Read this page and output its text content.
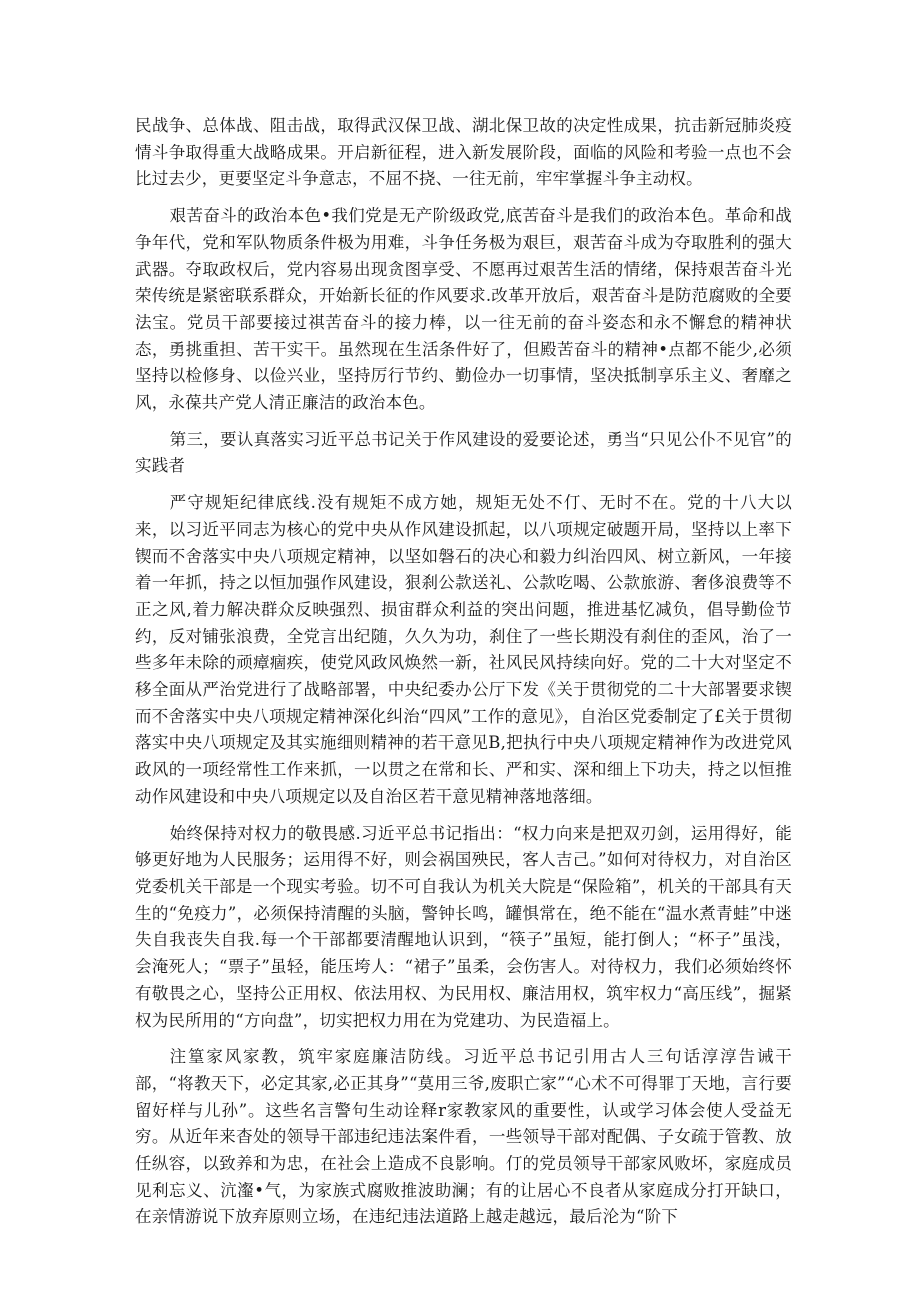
民战争、总体战、阻击战，取得武汉保卫战、湖北保卫故的决定性成果，抗击新冠肺炎疫情斗争取得重大战略成果。开启新征程，进入新发展阶段，面临的风险和考验一点也不会比过去少，更要坚定斗争意志，不屈不挠、一往无前，牢牢掌握斗争主动权。

艰苦奋斗的政治本色•我们党是无产阶级政党,底苦奋斗是我们的政治本色。革命和战争年代，党和军队物质条件极为用难，斗争任务极为艰巨，艰苦奋斗成为夺取胜利的强大武器。夺取政权后，党内容易出现贪图享受、不愿再过艰苦生活的情绪，保持艰苦奋斗光荣传统是紧密联系群众，开始新长征的作风要求.改革开放后，艰苦奋斗是防范腐败的全要法宝。党员干部要接过祺苦奋斗的接力棒，以一往无前的奋斗姿态和永不懈怠的精神状态，勇挑重担、苦干实干。虽然现在生活条件好了，但殿苦奋斗的精神•点都不能少,必须坚持以检修身、以俭兴业，坚持厉行节约、勤俭办一切事情，坚决抵制享乐主义、奢靡之风，永葆共产党人清正廉洁的政治本色。

第三，要认真落实习近平总书记关于作风建设的爱要论述，勇当“只见公仆不见官”的实践者

严守规矩纪律底线.没有规矩不成方她，规矩无处不仃、无时不在。党的十八大以来，以习近平同志为核心的党中央从作风建设抓起，以八项规定破题开局，坚持以上率下锲而不舍落实中央八项规定精神，以坚如磐石的决心和毅力纠治四风、树立新风，一年接着一年抓，持之以恒加强作风建设，狠刹公款送礼、公款吃喝、公款旅游、奢侈浪费等不正之风,着力解决群众反映强烈、损宙群众利益的突出问题，推进基忆减负，倡导勤俭节约，反对铺张浪费，全党言出纪随，久久为功，刹住了一些长期没有刹住的歪风，治了一些多年未除的顽瘴痼疾，使党风政风焕然一新，社风民风持续向好。党的二十大对坚定不移全面从严治党进行了战略部署，中央纪委办公厅下发《关于贯彻党的二十大部署要求锲而不舍落实中央八项规定精神深化纠治“四风”工作的意见》，自治区党委制定了£关于贯彻落实中央八项规定及其实施细则精神的若干意见B,把执行中央八项规定精神作为改进党风政风的一项经常性工作来抓，一以贯之在常和长、严和实、深和细上下功夫，持之以恒推动作风建设和中央八项规定以及自治区若干意见精神落地落细。

始终保持对权力的敬畏感.习近平总书记指出：“权力向来是把双刃剑，运用得好，能够更好地为人民服务；运用得不好，则会祸国殃民，客人吉己。”如何对待权力，对自治区党委机关干部是一个现实考验。切不可自我认为机关大院是“保险箱”，机关的干部具有天生的“免疫力”，必须保持清醒的头脑，警钟长鸣，罐惧常在，绝不能在“温水煮青蛙”中迷失自我丧失自我.每一个干部都要清醒地认识到，“筷子”虽短，能打倒人；“杯子”虽浅，会淹死人；“票子”虽轻，能压垮人：“裙子”虽柔，会伤害人。对待权力，我们必须始终怀有敬畏之心，坚持公正用权、依法用权、为民用权、廉洁用权，筑牢权力“高压线”，掘紧权为民所用的“方向盘”，切实把权力用在为党建功、为民造福上。

注篁家风家教，筑牢家庭廉洁防线。习近平总书记引用古人三句话淳淳告诫干部，“将教天下，必定其家,必正其身”“莫用三爷,废职亡家”“心术不可得罪丁天地，言行要留好样与儿孙”。这些名言警句生动诠释r家教家风的重要性，认或学习体会使人受益无穷。从近年来杳处的领导干部违纪违法案件看，一些领导干部对配偶、子女疏于管教、放任纵容，以致养和为忠，在社会上造成不良影响。仃的党员领导干部家风败坏，家庭成员见利忘义、沆瀣•气，为家族式腐败推波助澜；有的让居心不良者从家庭成分打开缺口，在亲情游说下放弃原则立场，在违纪违法道路上越走越远，最后沦为“阶下
